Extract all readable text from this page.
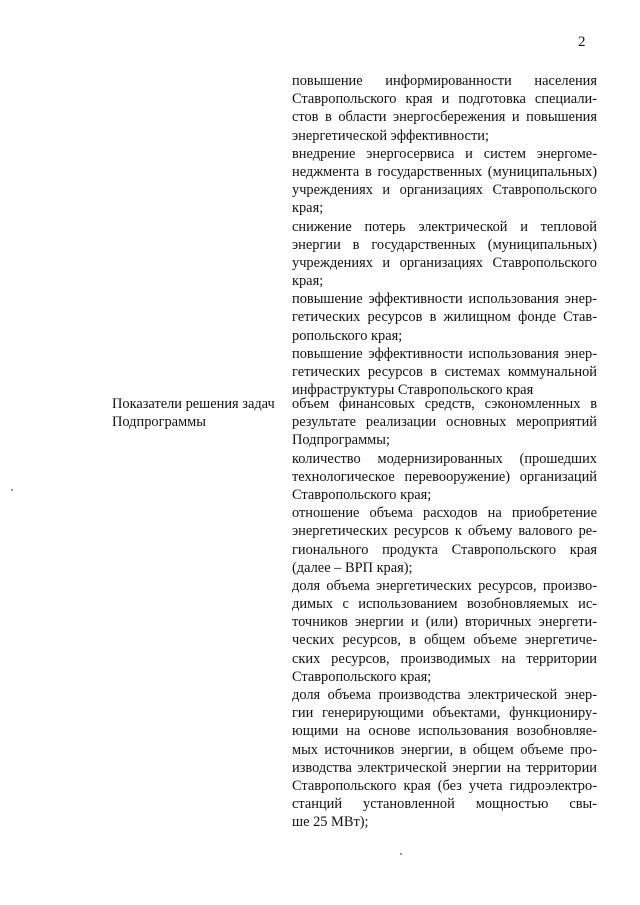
2
повышение информированности населения
Ставропольского края и подготовка специали-
стов в области энергосбережения и повышения
энергетической эффективности;
внедрение энергосервиса и систем энергоме-
неджмента в государственных (муниципальных)
учреждениях и организациях Ставропольского
края;
снижение потерь электрической и тепловой
энергии в государственных (муниципальных)
учреждениях и организациях Ставропольского
края;
повышение эффективности использования энер-
гетических ресурсов в жилищном фонде Став-
ропольского края;
повышение эффективности использования энер-
гетических ресурсов в системах коммунальной
инфраструктуры Ставропольского края
Показатели решения задач
Подпрограммы
объем финансовых средств, сэкономленных в
результате реализации основных мероприятий
Подпрограммы;
количество модернизированных (прошедших
технологическое перевооружение) организаций
Ставропольского края;
отношение объема расходов на приобретение
энергетических ресурсов к объему валового ре-
гионального продукта Ставропольского края
(далее – ВРП края);
доля объема энергетических ресурсов, произво-
димых с использованием возобновляемых ис-
точников энергии и (или) вторичных энергети-
ческих ресурсов, в общем объеме энергетиче-
ских ресурсов, производимых на территории
Ставропольского края;
доля объема производства электрической энер-
гии генерирующими объектами, функциониру-
ющими на основе использования возобновляе-
мых источников энергии, в общем объеме про-
изводства электрической энергии на территории
Ставропольского края (без учета гидроэлектро-
станций установленной мощностью свы-
ше 25 МВт);
